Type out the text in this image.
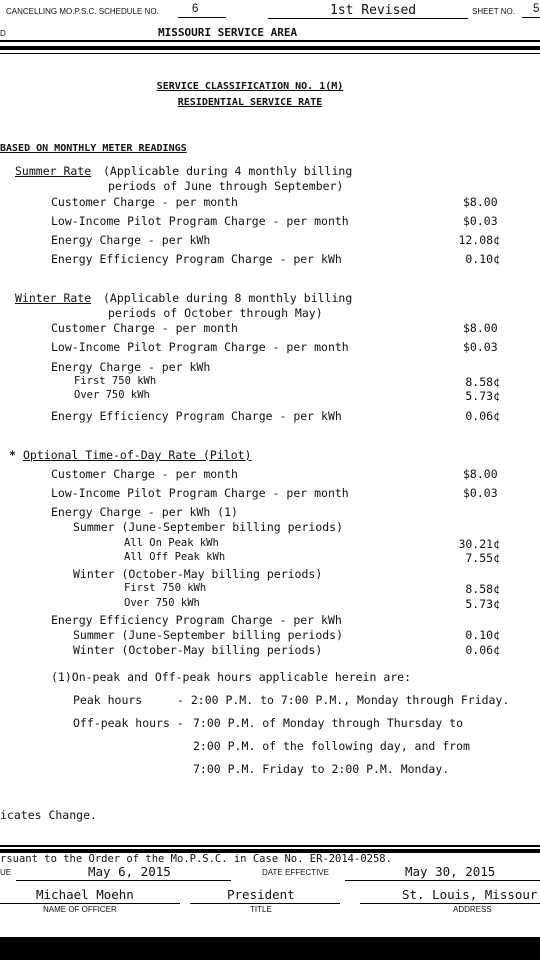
CANCELLING MO.P.S.C. SCHEDULE NO.	6	1st Revised	SHEET NO. 5
D	MISSOURI SERVICE AREA
SERVICE CLASSIFICATION NO. 1(M)
RESIDENTIAL SERVICE RATE
BASED ON MONTHLY METER READINGS
Summer Rate (Applicable during 4 monthly billing
periods of June through September)
Customer Charge - per month	$8.00
Low-Income Pilot Program Charge - per month	$0.03
Energy Charge - per kWh	12.08¢
Energy Efficiency Program Charge - per kWh	0.10¢
Winter Rate (Applicable during 8 monthly billing
periods of October through May)
Customer Charge - per month	$8.00
Low-Income Pilot Program Charge - per month	$0.03
Energy Charge - per kWh
First 750 kWh	8.58¢
Over 750 kWh	5.73¢
Energy Efficiency Program Charge - per kWh	0.06¢
* Optional Time-of-Day Rate (Pilot)
Customer Charge - per month	$8.00
Low-Income Pilot Program Charge - per month	$0.03
Energy Charge - per kWh (1)
Summer (June-September billing periods)
All On Peak kWh	30.21¢
All Off Peak kWh	7.55¢
Winter (October-May billing periods)
First 750 kWh	8.58¢
Over 750 kWh	5.73¢
Energy Efficiency Program Charge - per kWh
Summer (June-September billing periods)	0.10¢
Winter (October-May billing periods)	0.06¢
(1)On-peak and Off-peak hours applicable herein are:
Peak hours	- 2:00 P.M. to 7:00 P.M., Monday through Friday.
Off-peak hours - 7:00 P.M. of Monday through Thursday to
2:00 P.M. of the following day, and from
7:00 P.M. Friday to 2:00 P.M. Monday.
icates Change.
rsuant to the Order of the Mo.P.S.C. in Case No. ER-2014-0258.
UE	May 6, 2015	DATE EFFECTIVE	May 30, 2015
Michael Moehn
NAME OF OFFICER
President
TITLE
St. Louis, Missour
ADDRESS
